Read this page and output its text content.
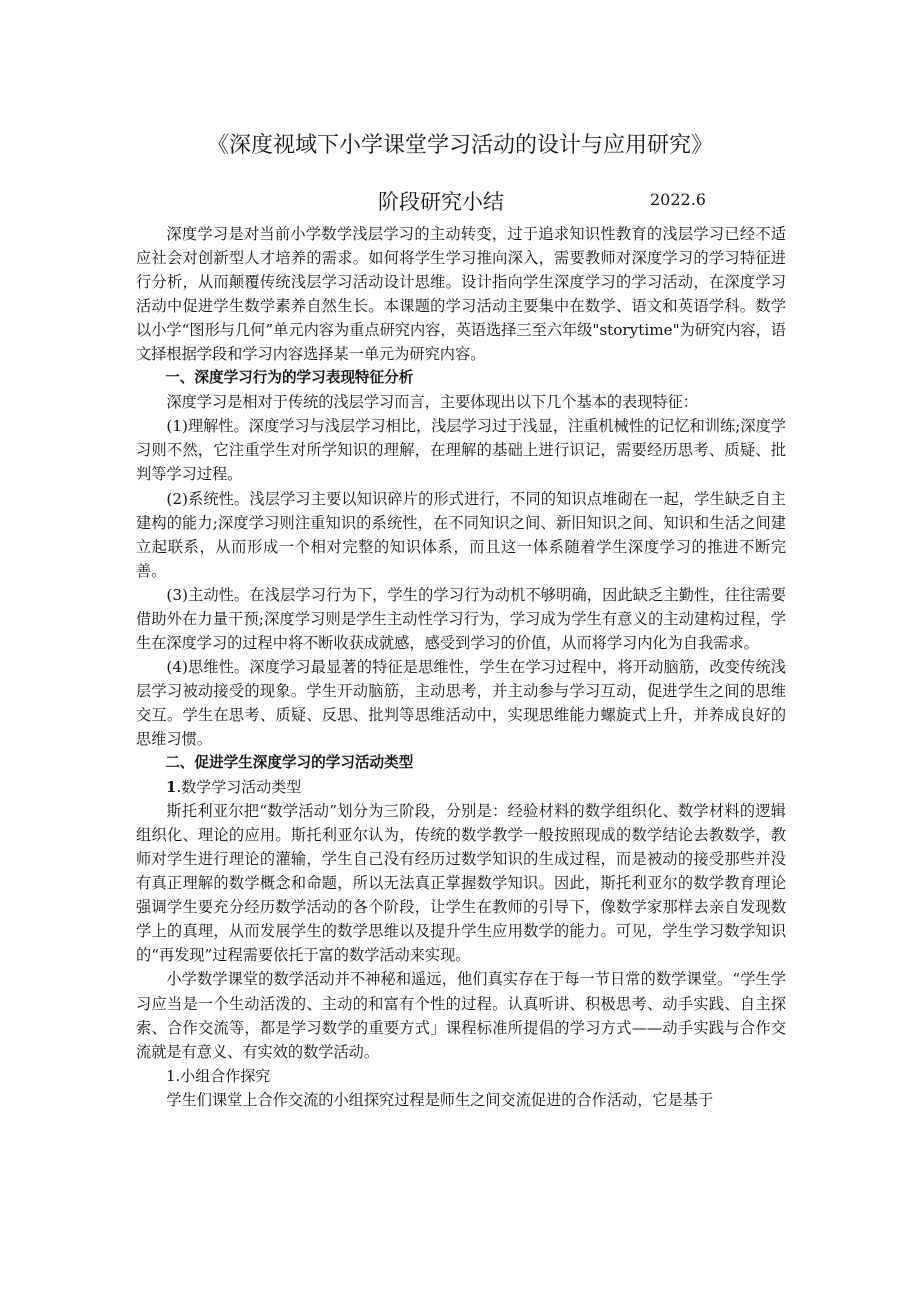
《深度视域下小学课堂学习活动的设计与应用研究》
阶段研究小结	2022.6

深度学习是对当前小学数学浅层学习的主动转变，过于追求知识性教育的浅层学习已经不适应社会对创新型人才培养的需求。如何将学生学习推向深入，需要教师对深度学习的学习特征进行分析，从而颠覆传统浅层学习活动设计思维。设计指向学生深度学习的学习活动，在深度学习活动中促进学生数学素养自然生长。本课题的学习活动主要集中在数学、语文和英语学科。数学以小学“图形与几何”单元内容为重点研究内容，英语选择三至六年级"storytime"为研究内容，语文择根据学段和学习内容选择某一单元为研究内容。

一、深度学习行为的学习表现特征分析

深度学习是相对于传统的浅层学习而言，主要体现出以下几个基本的表现特征：

(1)理解性。深度学习与浅层学习相比，浅层学习过于浅显，注重机械性的记忆和训练;深度学习则不然，它注重学生对所学知识的理解，在理解的基础上进行识记，需要经历思考、质疑、批判等学习过程。

(2)系统性。浅层学习主要以知识碎片的形式进行，不同的知识点堆砌在一起，学生缺乏自主建构的能力;深度学习则注重知识的系统性，在不同知识之间、新旧知识之间、知识和生活之间建立起联系，从而形成一个相对完整的知识体系，而且这一体系随着学生深度学习的推进不断完善。

(3)主动性。在浅层学习行为下，学生的学习行为动机不够明确，因此缺乏主勤性，往往需要借助外在力量干预;深度学习则是学生主动性学习行为，学习成为学生有意义的主动建构过程，学生在深度学习的过程中将不断收获成就感，感受到学习的价值，从而将学习内化为自我需求。

(4)思维性。深度学习最显著的特征是思维性，学生在学习过程中，将开动脑筋，改变传统浅层学习被动接受的现象。学生开动脑筋，主动思考，并主动参与学习互动，促进学生之间的思维交互。学生在思考、质疑、反思、批判等思维活动中，实现思维能力螺旋式上升，并养成良好的思维习惯。

二、促进学生深度学习的学习活动类型

1.数学学习活动类型

斯托利亚尔把“数学活动”划分为三阶段，分别是：经验材料的数学组织化、数学材料的逻辑组织化、理论的应用。斯托利亚尔认为，传统的数学教学一般按照现成的数学结论去教数学，教师对学生进行理论的灌输，学生自己没有经历过数学知识的生成过程，而是被动的接受那些并没有真正理解的数学概念和命题，所以无法真正掌握数学知识。因此，斯托利亚尔的数学教育理论强调学生要充分经历数学活动的各个阶段，让学生在教师的引导下，像数学家那样去亲自发现数学上的真理，从而发展学生的数学思维以及提升学生应用数学的能力。可见，学生学习数学知识的“再发现”过程需要依托于富的数学活动来实现。

小学数学课堂的数学活动并不神秘和遥远，他们真实存在于每一节日常的数学课堂。“学生学习应当是一个生动活泼的、主动的和富有个性的过程。认真听讲、积极思考、动手实践、自主探索、合作交流等，都是学习数学的重要方式」课程标准所提倡的学习方式——动手实践与合作交流就是有意义、有实效的数学活动。

1.小组合作探究

学生们课堂上合作交流的小组探究过程是师生之间交流促进的合作活动，它是基于
